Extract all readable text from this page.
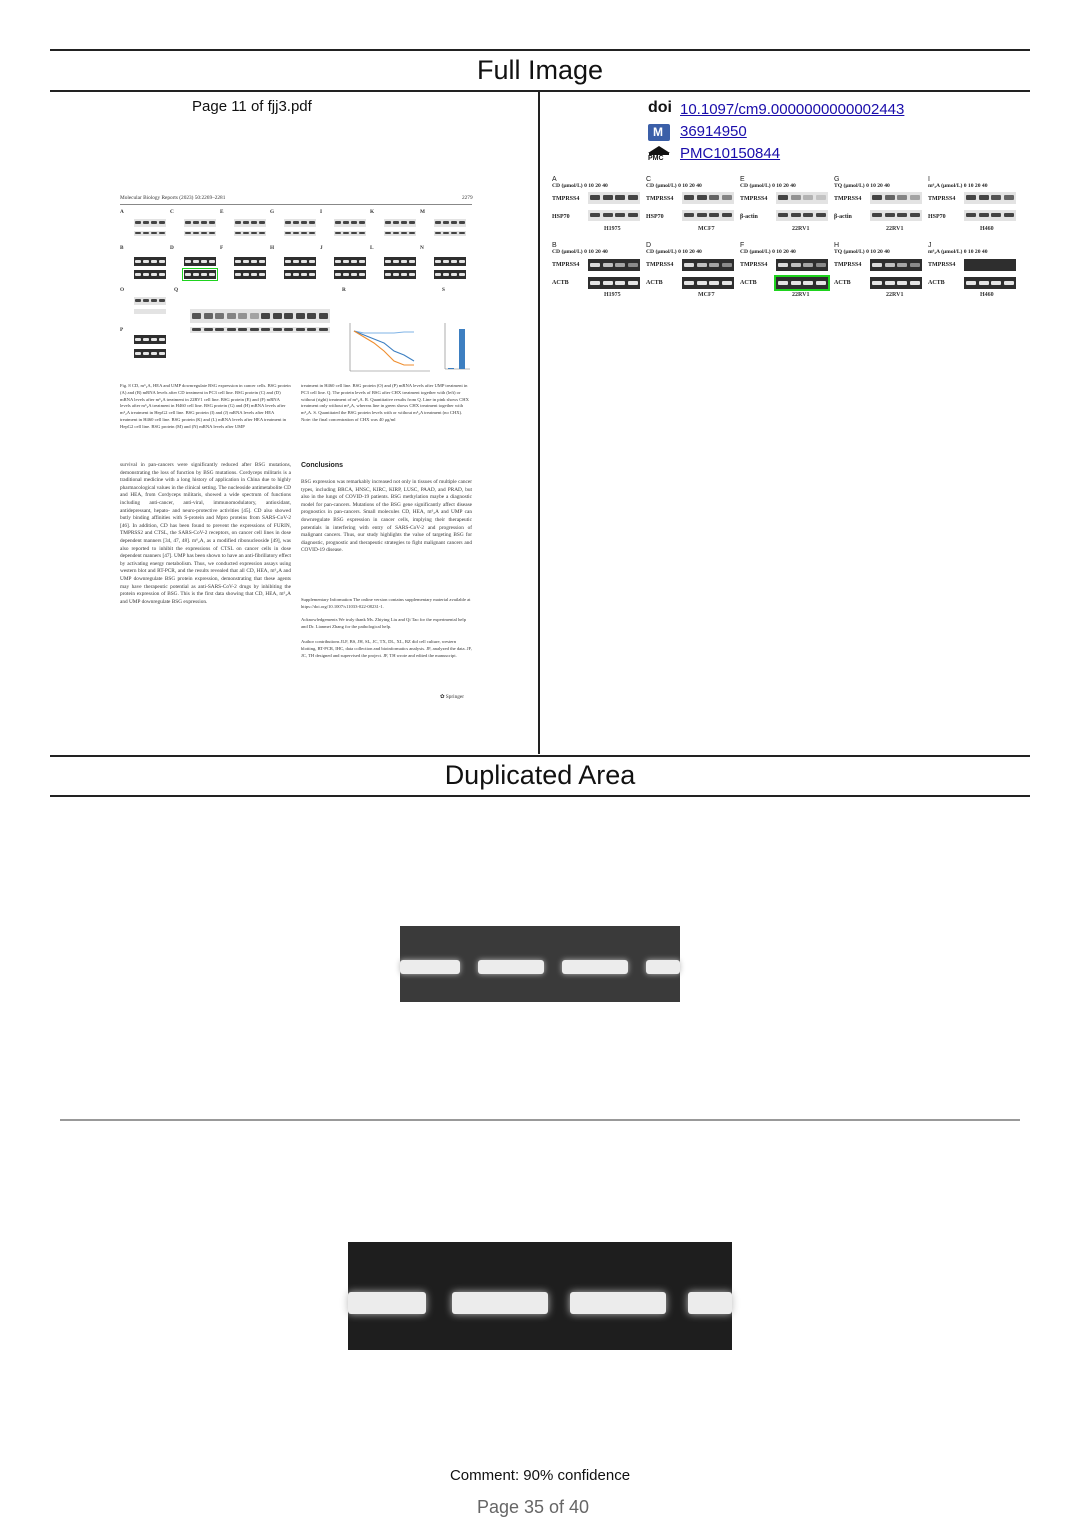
Full Image
Page 11 of fjj3.pdf
Molecular Biology Reports (2023) 50:2269–2281	2279
A	C	E	G	I	K	M
B	D	F	H	J	L	N
O
P
Q	R	S
Fig. 8 CD, m⁶₂A, HEA and UMP downregulate BSG expression in cancer cells. BSG protein (A) and (B) mRNA levels after CD treatment in PC3 cell line. BSG protein (C) and (D) mRNA levels after m⁶₂A treatment in 22RV1 cell line. BSG protein (E) and (F) mRNA levels after m⁶₂A treatment in H460 cell line. BSG protein (G) and (H) mRNA levels after m⁶₂A treatment in HepG2 cell line. BSG protein (I) and (J) mRNA levels after HEA treatment in H460 cell line. BSG protein (K) and (L) mRNA levels after HEA treatment in HepG2 cell line. BSG protein (M) and (N) mRNA levels after UMP
treatment in H460 cell line. BSG protein (O) and (P) mRNA levels after UMP treatment in PC3 cell line. Q. The protein levels of BSG after CHX treatment together with (left) or without (right) treatment of m⁶₂A. R. Quantitative results from Q. Line in pink shows CHX treatment only without m⁶₂A, whereas line in green shows CHX treatment together with m⁶₂A. S. Quantitated the BSG protein levels with or without m⁶₂A treatment (no CHX). Note: the final concentration of CHX was 40 μg/ml
survival in pan-cancers were significantly reduced after BSG mutations, demonstrating the loss of function by BSG mutations. Cordyceps militaris is a traditional medicine with a long history of application in China due to highly pharmacological values in the clinical setting. The nucleoside antimetabolite CD and HEA, from Cordyceps militaris, showed a wide spectrum of functions including anti-cancer, anti-viral, immunomodulatory, antioxidant, antidepressant, hepato- and neuro-protective activities [45]. CD also showed butly binding affinities with S-protein and Mpro proteins from SARS-CoV-2 [46]. In addition, CD has been found to prevent the expressions of FURIN, TMPRSS2 and CTSL, the SARS-CoV-2 receptors, on cancer cell lines in dose dependent manners [34, 47, 48]. m⁶₂A, as a modified ribonucleoside [49], was also reported to inhibit the expressions of CTSL on cancer cells in dose dependent manners [47]. UMP has been shown to have an anti-fibrillatory effect by activating energy metabolism. Thus, we conducted expression assays using western blot and RT-PCR, and the results revealed that all CD, HEA, m⁶₂A and UMP downregulate BSG protein expression, demonstrating that these agents may have therapeutic potential as anti-SARS-CoV-2 drugs by inhibiting the protein expression of BSG. This is the first data showing that CD, HEA, m⁶₂A and UMP downregulate BSG expression.
Conclusions
BSG expression was remarkably increased not only in tissues of multiple cancer types, including BRCA, HNSC, KIRC, KIRP, LUSC, PAAD, and PRAD, but also in the lungs of COVID-19 patients. BSG methylation maybe a diagnostic model for pan-cancers. Mutations of the BSG gene significantly affect disease prognostics in pan-cancers. Small molecules CD, HEA, m⁶₂A and UMP can downregulate BSG expression in cancer cells, implying their therapeutic potentials in interfering with entry of SARS-CoV-2 and progression of malignant cancers. Thus, our study highlights the value of targeting BSG for diagnostic, prognostic and therapeutic strategies to fight malignant cancers and COVID-19 disease.
Supplementary Information The online version contains supplementary material available at https://doi.org/10.1007/s11033-022-08231-1.
Acknowledgements We truly thank Ms. Zhiying Liu and Qi Tao for the experimental help and Dr. Lianmei Zhang for the pathological help.
Author contributions JLF, BS, JH, SL, JC, TX, DL, XL, BZ did cell culture, western blotting, RT-PCR, IHC, data collection and bioinformatics analysis. JF, analyzed the data. JF, JC, TH designed and supervised the project. JF, TH wrote and edited the manuscript.
✿ Springer
doi 10.1097/cm9.0000000000002443
M 36914950
PMC PMC10150844
A
CD (μmol/L) 0 10 20 40
TMPRSS4
HSP70
H1975
C
CD (μmol/L) 0 10 20 40
TMPRSS4
HSP70
MCF7
E
CD (μmol/L) 0 10 20 40
TMPRSS4
β-actin
22RV1
G
TQ (μmol/L) 0 10 20 40
TMPRSS4
β-actin
22RV1
I
m⁶₂A (μmol/L) 0 10 20 40
TMPRSS4
HSP70
H460
B
CD (μmol/L) 0 10 20 40
TMPRSS4
ACTB
H1975
D
CD (μmol/L) 0 10 20 40
TMPRSS4
ACTB
MCF7
F
CD (μmol/L) 0 10 20 40
TMPRSS4
ACTB
22RV1
H
TQ (μmol/L) 0 10 20 40
TMPRSS4
ACTB
22RV1
J
m⁶₂A (μmol/L) 0 10 20 40
TMPRSS4
ACTB
H460
Duplicated Area
Comment: 90% confidence
Page 35 of 40
